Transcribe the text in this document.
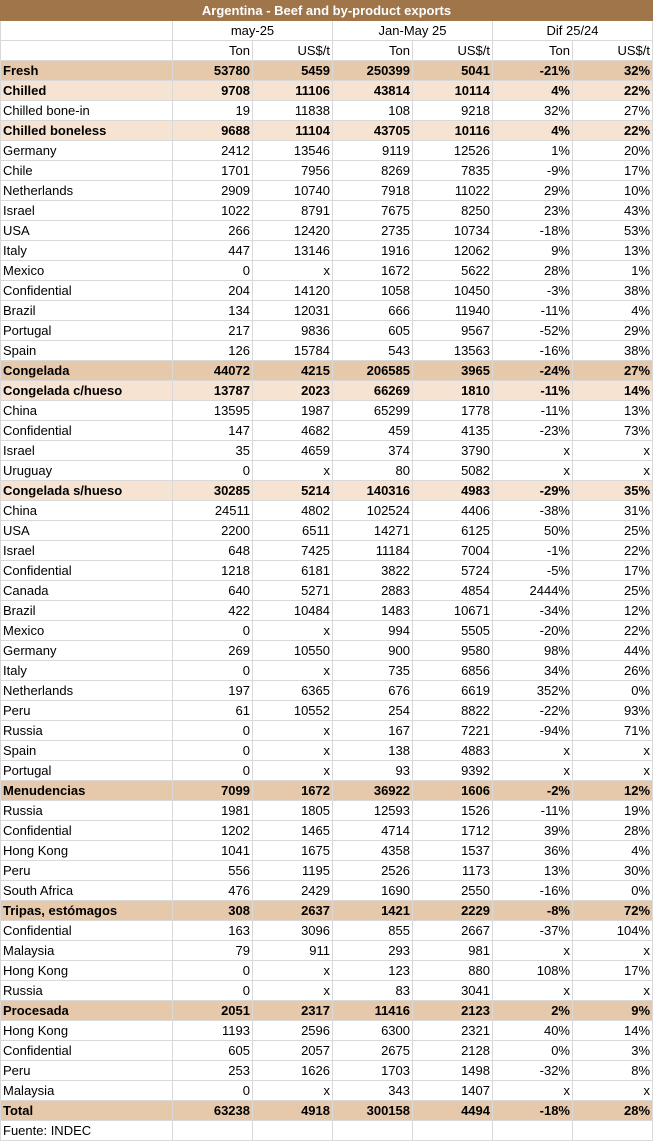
Argentina - Beef and by-product exports						
	may-25		Jan-May 25		Dif 25/24	
	Ton	US$/t	Ton	US$/t	Ton	US$/t
Fresh	53780	5459	250399	5041	-21%	32%
Chilled	9708	11106	43814	10114	4%	22%
Chilled bone-in	19	11838	108	9218	32%	27%
Chilled boneless	9688	11104	43705	10116	4%	22%
Germany	2412	13546	9119	12526	1%	20%
Chile	1701	7956	8269	7835	-9%	17%
Netherlands	2909	10740	7918	11022	29%	10%
Israel	1022	8791	7675	8250	23%	43%
USA	266	12420	2735	10734	-18%	53%
Italy	447	13146	1916	12062	9%	13%
Mexico	0	x	1672	5622	28%	1%
Confidential	204	14120	1058	10450	-3%	38%
Brazil	134	12031	666	11940	-11%	4%
Portugal	217	9836	605	9567	-52%	29%
Spain	126	15784	543	13563	-16%	38%
Congelada	44072	4215	206585	3965	-24%	27%
Congelada c/hueso	13787	2023	66269	1810	-11%	14%
China	13595	1987	65299	1778	-11%	13%
Confidential	147	4682	459	4135	-23%	73%
Israel	35	4659	374	3790	x	x
Uruguay	0	x	80	5082	x	x
Congelada s/hueso	30285	5214	140316	4983	-29%	35%
China	24511	4802	102524	4406	-38%	31%
USA	2200	6511	14271	6125	50%	25%
Israel	648	7425	11184	7004	-1%	22%
Confidential	1218	6181	3822	5724	-5%	17%
Canada	640	5271	2883	4854	2444%	25%
Brazil	422	10484	1483	10671	-34%	12%
Mexico	0	x	994	5505	-20%	22%
Germany	269	10550	900	9580	98%	44%
Italy	0	x	735	6856	34%	26%
Netherlands	197	6365	676	6619	352%	0%
Peru	61	10552	254	8822	-22%	93%
Russia	0	x	167	7221	-94%	71%
Spain	0	x	138	4883	x	x
Portugal	0	x	93	9392	x	x
Menudencias	7099	1672	36922	1606	-2%	12%
Russia	1981	1805	12593	1526	-11%	19%
Confidential	1202	1465	4714	1712	39%	28%
Hong Kong	1041	1675	4358	1537	36%	4%
Peru	556	1195	2526	1173	13%	30%
South Africa	476	2429	1690	2550	-16%	0%
Tripas, estómagos	308	2637	1421	2229	-8%	72%
Confidential	163	3096	855	2667	-37%	104%
Malaysia	79	911	293	981	x	x
Hong Kong	0	x	123	880	108%	17%
Russia	0	x	83	3041	x	x
Procesada	2051	2317	11416	2123	2%	9%
Hong Kong	1193	2596	6300	2321	40%	14%
Confidential	605	2057	2675	2128	0%	3%
Peru	253	1626	1703	1498	-32%	8%
Malaysia	0	x	343	1407	x	x
Total	63238	4918	300158	4494	-18%	28%
Fuente: INDEC						
